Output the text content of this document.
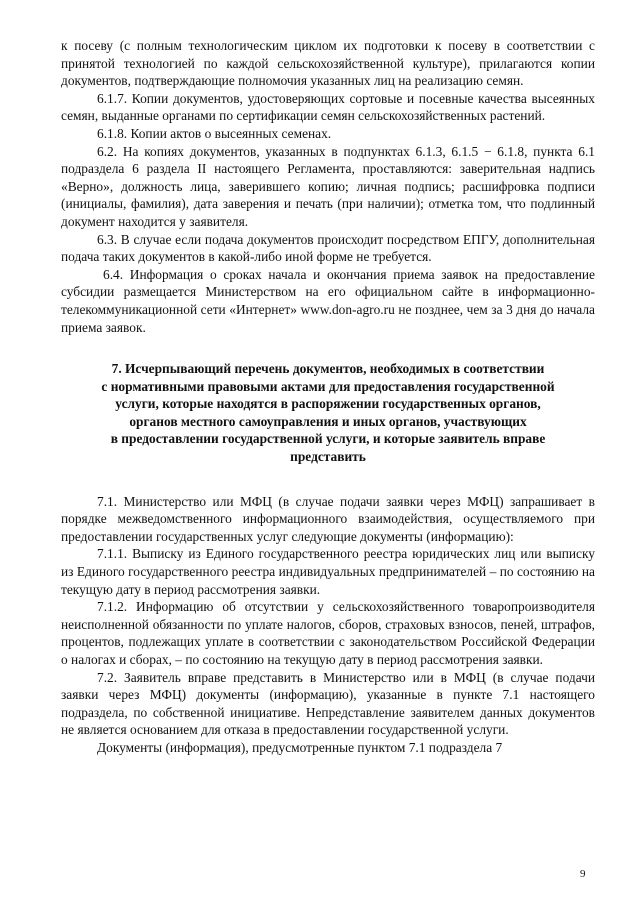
к посеву (с полным технологическим циклом их подготовки к посеву в соответствии с принятой технологией по каждой сельскохозяйственной культуре), прилагаются копии документов, подтверждающие полномочия указанных лиц на реализацию семян.

6.1.7. Копии документов, удостоверяющих сортовые и посевные качества высеянных семян, выданные органами по сертификации семян сельскохозяйственных растений.

6.1.8. Копии актов о высеянных семенах.

6.2. На копиях документов, указанных в подпунктах 6.1.3, 6.1.5 − 6.1.8, пункта 6.1 подраздела 6 раздела II настоящего Регламента, проставляются: заверительная надпись «Верно», должность лица, заверившего копию; личная подпись; расшифровка подписи (инициалы, фамилия), дата заверения и печать (при наличии); отметка том, что подлинный документ находится у заявителя.

6.3. В случае если подача документов происходит посредством ЕПГУ, дополнительная подача таких документов в какой-либо иной форме не требуется.

6.4. Информация о сроках начала и окончания приема заявок на предоставление субсидии размещается Министерством на его официальном сайте в информационно-телекоммуникационной сети «Интернет» www.don-agro.ru не позднее, чем за 3 дня до начала приема заявок.

7. Исчерпывающий перечень документов, необходимых в соответствии
с нормативными правовыми актами для предоставления государственной
услуги, которые находятся в распоряжении государственных органов,
органов местного самоуправления и иных органов, участвующих
в предоставлении государственной услуги, и которые заявитель вправе
представить

7.1. Министерство или МФЦ (в случае подачи заявки через МФЦ) запрашивает в порядке межведомственного информационного взаимодействия, осуществляемого при предоставлении государственных услуг следующие документы (информацию):

7.1.1. Выписку из Единого государственного реестра юридических лиц или выписку из Единого государственного реестра индивидуальных предпринимателей – по состоянию на текущую дату в период рассмотрения заявки.

7.1.2. Информацию об отсутствии у сельскохозяйственного товаропроизводителя неисполненной обязанности по уплате налогов, сборов, страховых взносов, пеней, штрафов, процентов, подлежащих уплате в соответствии с законодательством Российской Федерации о налогах и сборах, – по состоянию на текущую дату в период рассмотрения заявки.

7.2. Заявитель вправе представить в Министерство или в МФЦ (в случае подачи заявки через МФЦ) документы (информацию), указанные в пункте 7.1 настоящего подраздела, по собственной инициативе. Непредставление заявителем данных документов не является основанием для отказа в предоставлении государственной услуги.

Документы (информация), предусмотренные пунктом 7.1 подраздела 7

9
